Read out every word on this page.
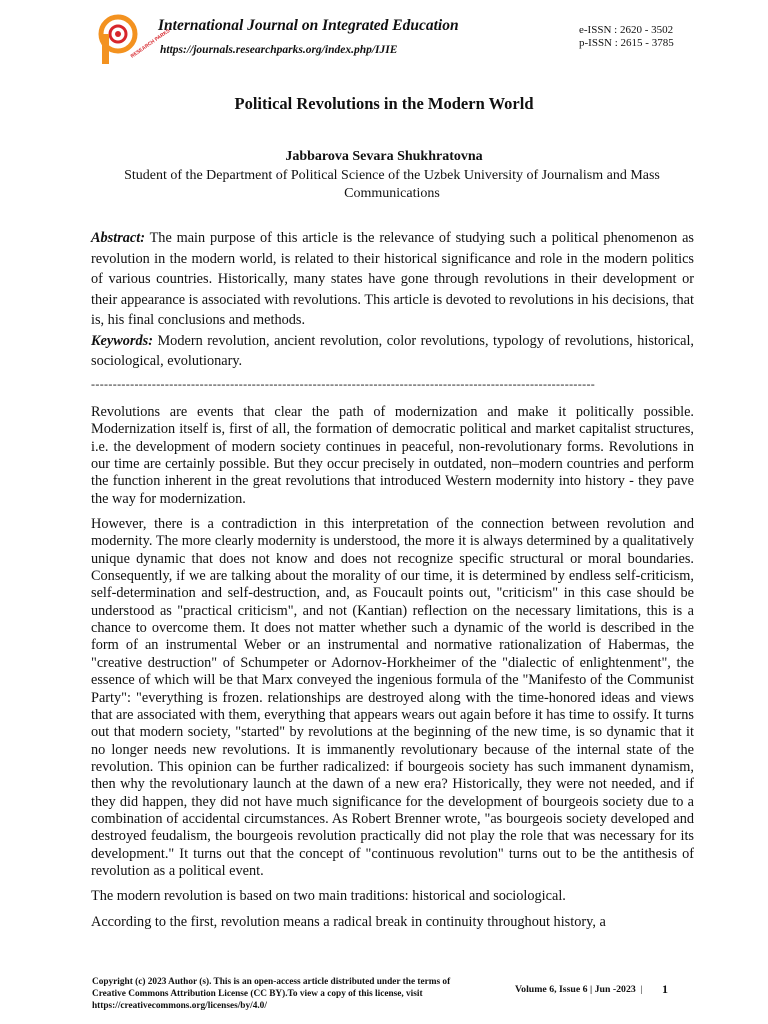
RESEARCH PARKS
International Journal on Integrated Education
https://journals.researchparks.org/index.php/IJIE
e-ISSN : 2620 - 3502
p-ISSN : 2615 - 3785
Political Revolutions in the Modern World
Jabbarova Sevara Shukhratovna
Student of the Department of Political Science of the Uzbek University of Journalism and Mass Communications

Abstract: The main purpose of this article is the relevance of studying such a political phenomenon as revolution in the modern world, is related to their historical significance and role in the modern politics of various countries. Historically, many states have gone through revolutions in their development or their appearance is associated with revolutions. This article is devoted to revolutions in his decisions, that is, his final conclusions and methods.

Keywords: Modern revolution, ancient revolution, color revolutions, typology of revolutions, historical, sociological, evolutionary.

--------------------------------------------------------------------------------------------------------------------

Revolutions are events that clear the path of modernization and make it politically possible. Modernization itself is, first of all, the formation of democratic political and market capitalist structures, i.e. the development of modern society continues in peaceful, non-revolutionary forms. Revolutions in our time are certainly possible. But they occur precisely in outdated, non–modern countries and perform the function inherent in the great revolutions that introduced Western modernity into history - they pave the way for modernization.

However, there is a contradiction in this interpretation of the connection between revolution and modernity. The more clearly modernity is understood, the more it is always determined by a qualitatively unique dynamic that does not know and does not recognize specific structural or moral boundaries. Consequently, if we are talking about the morality of our time, it is determined by endless self-criticism, self-determination and self-destruction, and, as Foucault points out, "criticism" in this case should be understood as "practical criticism", and not (Kantian) reflection on the necessary limitations, this is a chance to overcome them. It does not matter whether such a dynamic of the world is described in the form of an instrumental Weber or an instrumental and normative rationalization of Habermas, the "creative destruction" of Schumpeter or Adornov-Horkheimer of the "dialectic of enlightenment", the essence of which will be that Marx conveyed the ingenious formula of the "Manifesto of the Communist Party": "everything is frozen. relationships are destroyed along with the time-honored ideas and views that are associated with them, everything that appears wears out again before it has time to ossify. It turns out that modern society, "started" by revolutions at the beginning of the new time, is so dynamic that it no longer needs new revolutions. It is immanently revolutionary because of the internal state of the revolution. This opinion can be further radicalized: if bourgeois society has such immanent dynamism, then why the revolutionary launch at the dawn of a new era? Historically, they were not needed, and if they did happen, they did not have much significance for the development of bourgeois society due to a combination of accidental circumstances. As Robert Brenner wrote, "as bourgeois society developed and destroyed feudalism, the bourgeois revolution practically did not play the role that was necessary for its development." It turns out that the concept of "continuous revolution" turns out to be the antithesis of revolution as a political event.

The modern revolution is based on two main traditions: historical and sociological.

According to the first, revolution means a radical break in continuity throughout history, a

Copyright (c) 2023 Author (s). This is an open-access article distributed under the terms of Creative Commons Attribution License (CC BY).To view a copy of this license, visit https://creativecommons.org/licenses/by/4.0/
Volume 6, Issue 6 | Jun -2023 |	1
